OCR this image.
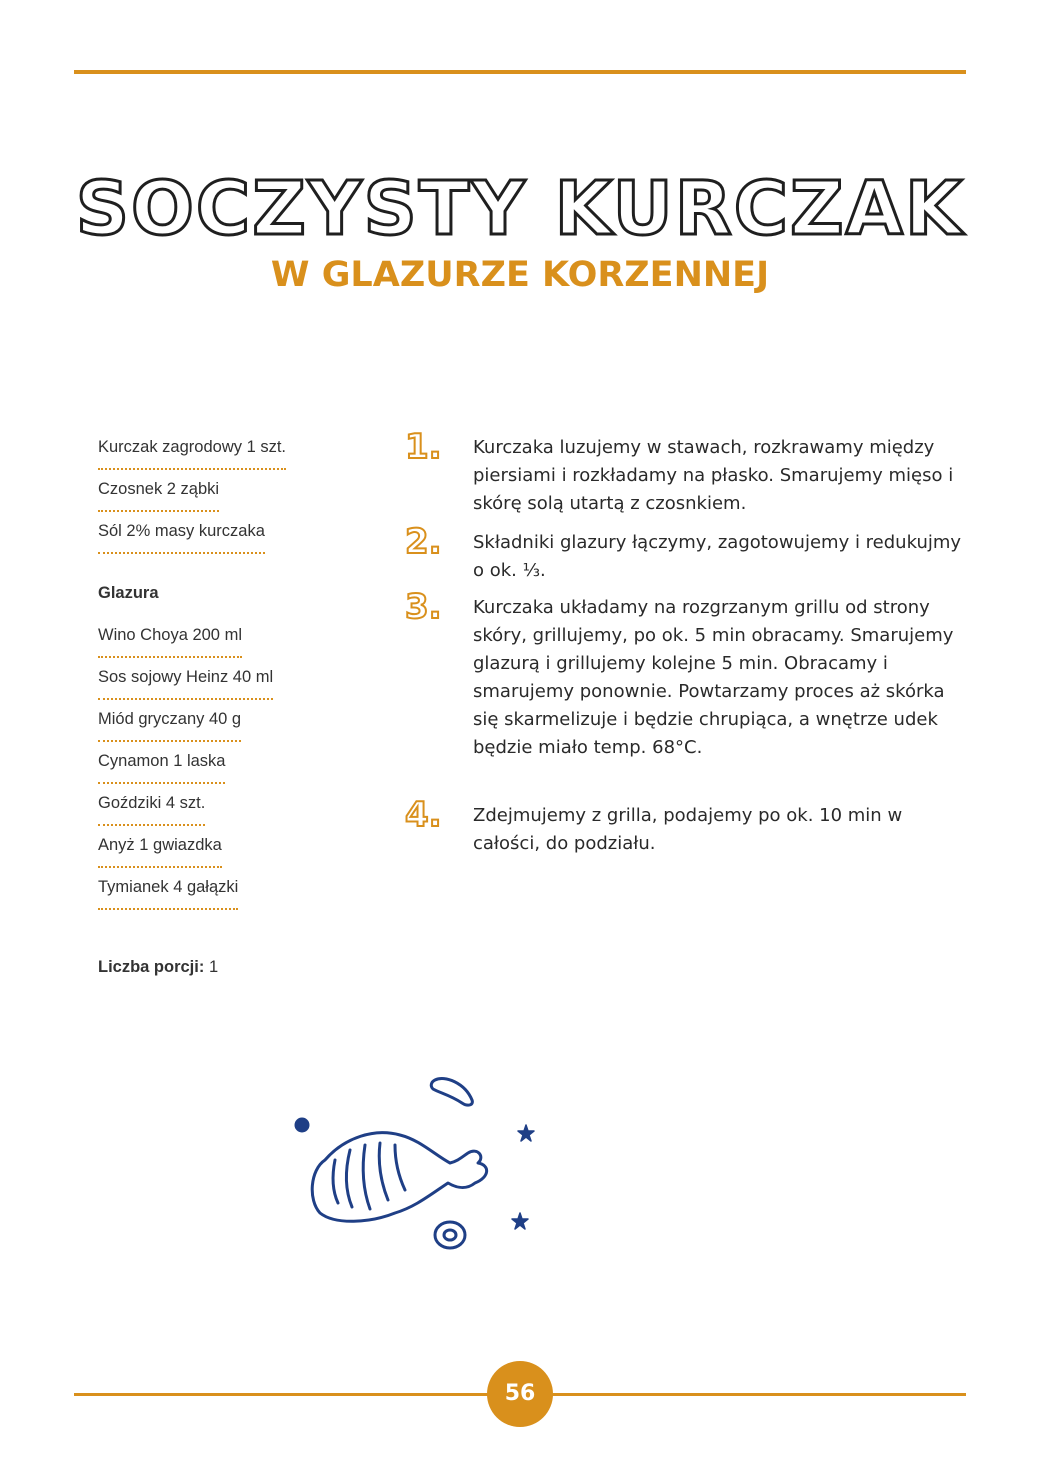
SOCZYSTY KURCZAK
W GLAZURZE KORZENNEJ
Kurczak zagrodowy 1 szt.
Czosnek 2 ząbki
Sól 2% masy kurczaka
Glazura
Wino Choya 200 ml
Sos sojowy Heinz 40 ml
Miód gryczany 40 g
Cynamon 1 laska
Goździki 4 szt.
Anyż 1 gwiazdka
Tymianek 4 gałązki
Liczba porcji: 1
1. Kurczaka luzujemy w stawach, rozkrawamy między piersiami i rozkładamy na płasko. Smarujemy mięso i skórę solą utartą z czosnkiem.
2. Składniki glazury łączymy, zagotowujemy i redukujmy o ok. ⅓.
3. Kurczaka układamy na rozgrzanym grillu od strony skóry, grillujemy, po ok. 5 min obracamy. Smarujemy glazurą i grillujemy kolejne 5 min. Obracamy i smarujemy ponownie. Powtarzamy proces aż skórka się skarmelizuje i będzie chrupiąca, a wnętrze udek będzie miało temp. 68°C.
4. Zdejmujemy z grilla, podajemy po ok. 10 min w całości, do podziału.
56
